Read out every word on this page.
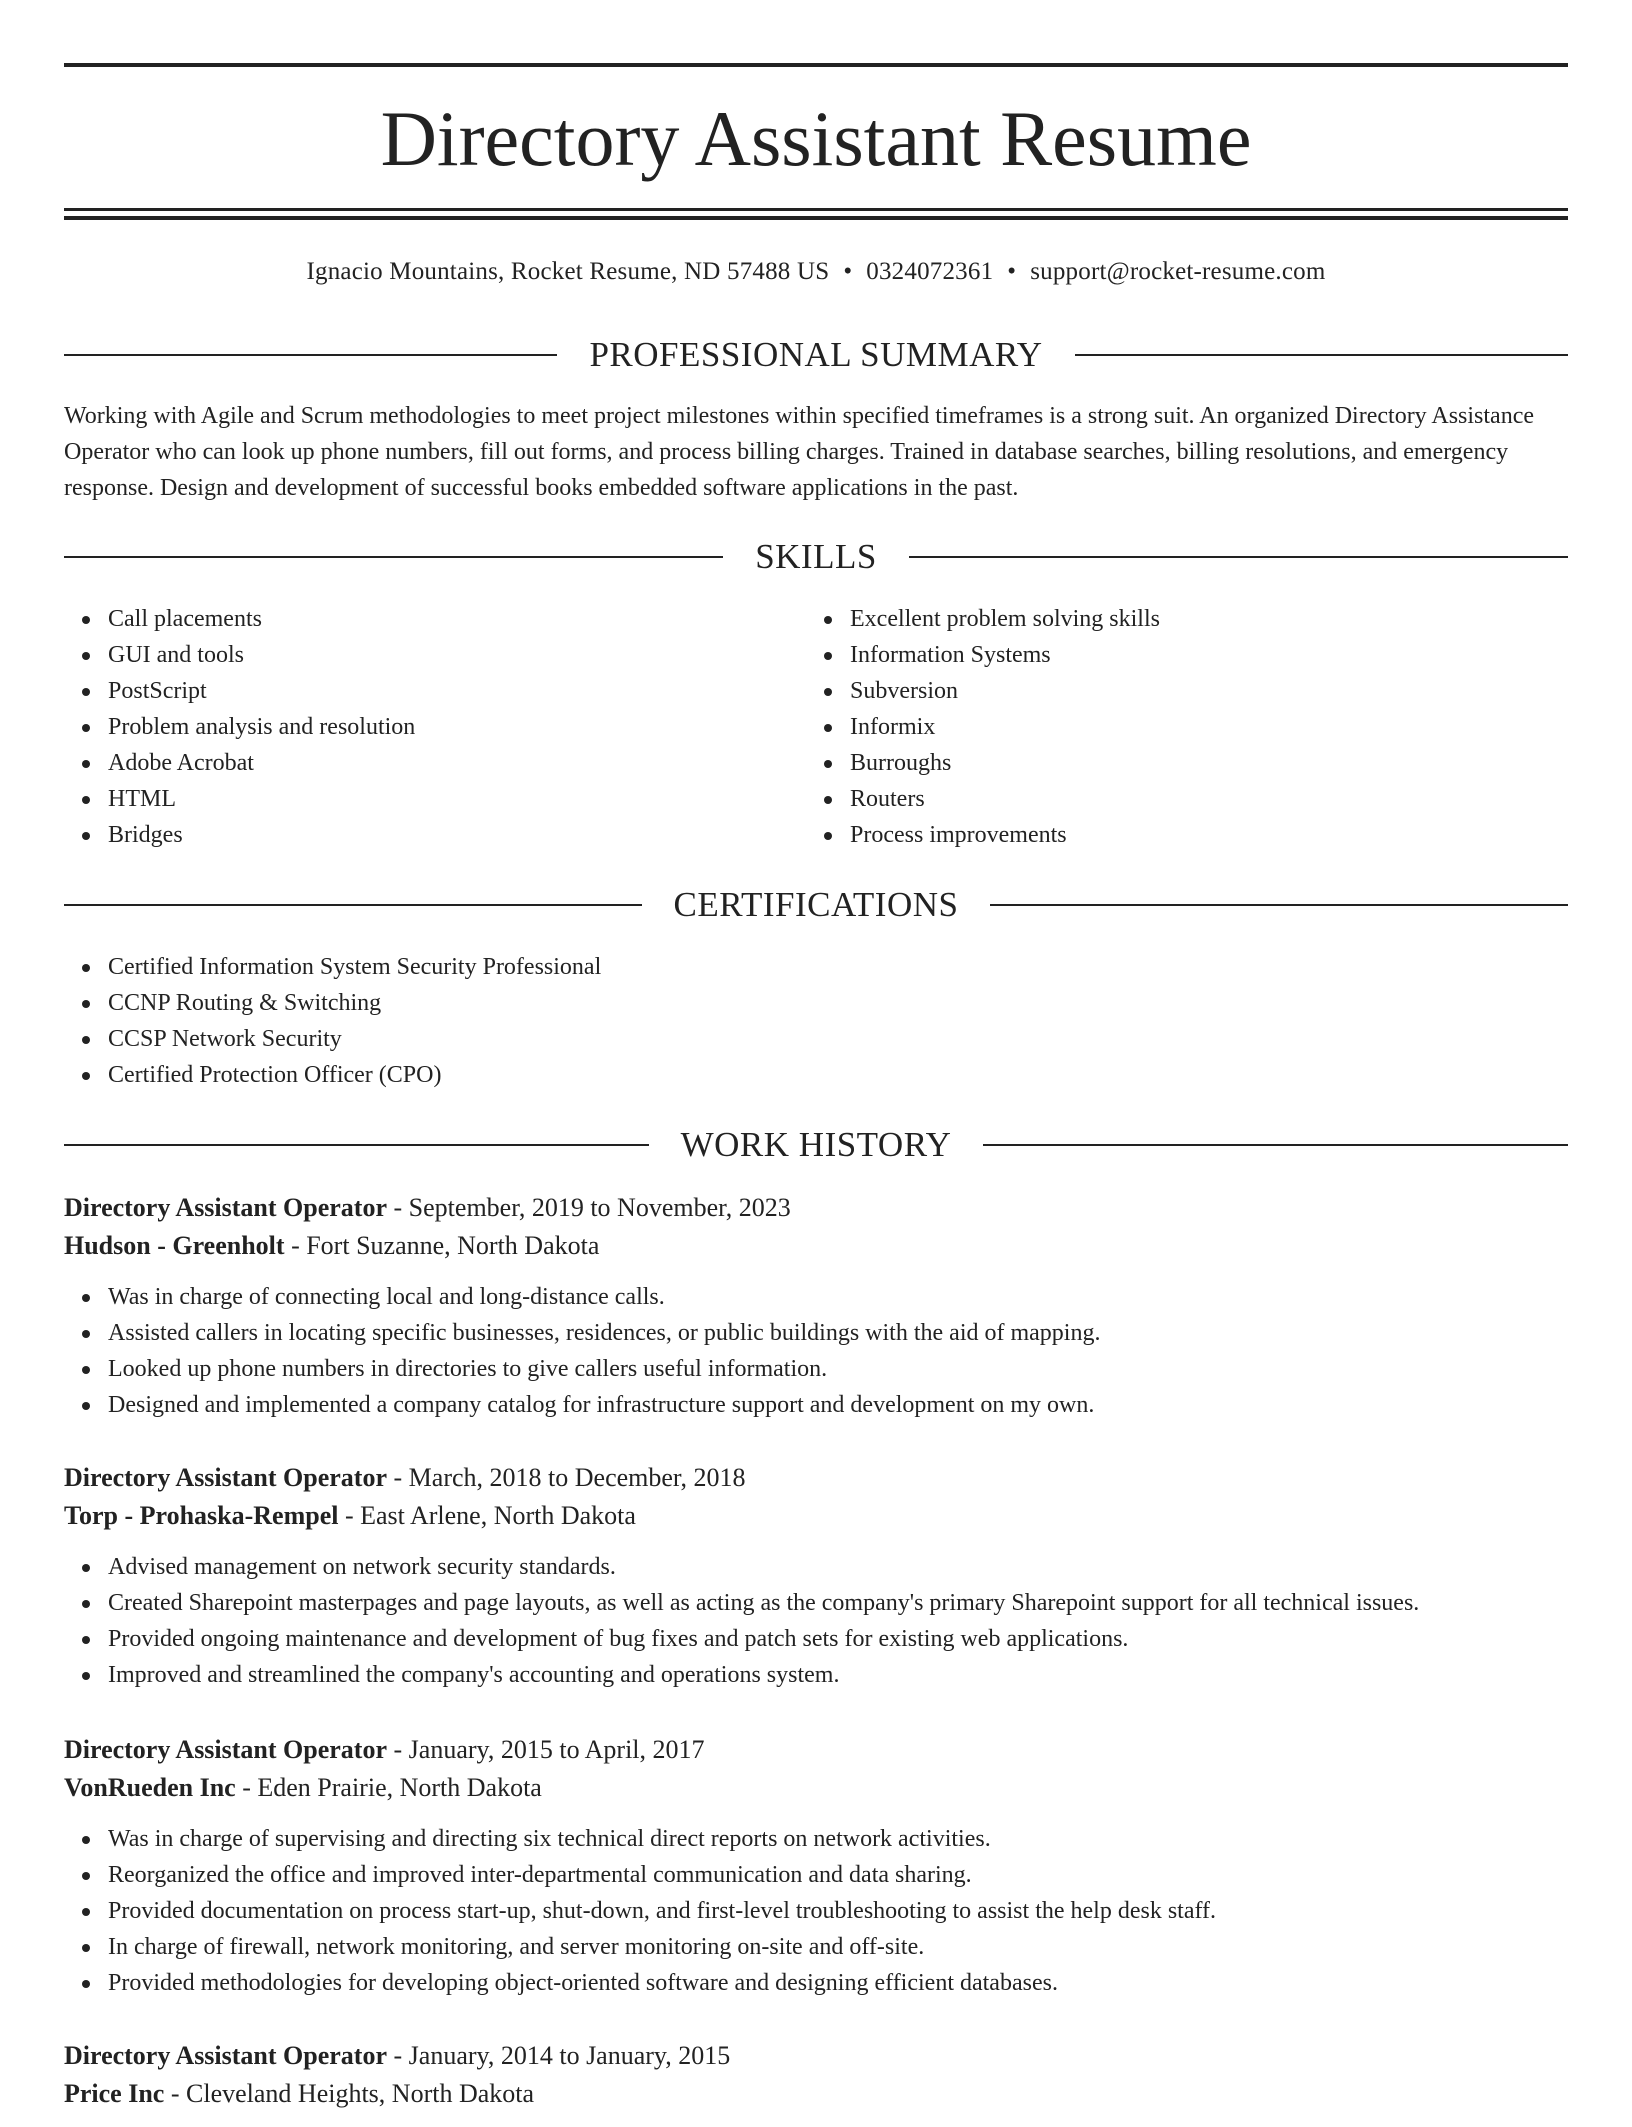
Directory Assistant Resume
Ignacio Mountains, Rocket Resume, ND 57488 US • 0324072361 • support@rocket-resume.com
PROFESSIONAL SUMMARY

Working with Agile and Scrum methodologies to meet project milestones within specified timeframes is a strong suit. An organized Directory Assistance Operator who can look up phone numbers, fill out forms, and process billing charges. Trained in database searches, billing resolutions, and emergency response. Design and development of successful books embedded software applications in the past.

SKILLS
Call placements
GUI and tools
PostScript
Problem analysis and resolution
Adobe Acrobat
HTML
Bridges
Excellent problem solving skills
Information Systems
Subversion
Informix
Burroughs
Routers
Process improvements
CERTIFICATIONS
Certified Information System Security Professional
CCNP Routing & Switching
CCSP Network Security
Certified Protection Officer (CPO)
WORK HISTORY
Directory Assistant Operator - September, 2019 to November, 2023
Hudson - Greenholt - Fort Suzanne, North Dakota
Was in charge of connecting local and long-distance calls.
Assisted callers in locating specific businesses, residences, or public buildings with the aid of mapping.
Looked up phone numbers in directories to give callers useful information.
Designed and implemented a company catalog for infrastructure support and development on my own.
Directory Assistant Operator - March, 2018 to December, 2018
Torp - Prohaska-Rempel - East Arlene, North Dakota
Advised management on network security standards.
Created Sharepoint masterpages and page layouts, as well as acting as the company's primary Sharepoint support for all technical issues.
Provided ongoing maintenance and development of bug fixes and patch sets for existing web applications.
Improved and streamlined the company's accounting and operations system.
Directory Assistant Operator - January, 2015 to April, 2017
VonRueden Inc - Eden Prairie, North Dakota
Was in charge of supervising and directing six technical direct reports on network activities.
Reorganized the office and improved inter-departmental communication and data sharing.
Provided documentation on process start-up, shut-down, and first-level troubleshooting to assist the help desk staff.
In charge of firewall, network monitoring, and server monitoring on-site and off-site.
Provided methodologies for developing object-oriented software and designing efficient databases.
Directory Assistant Operator - January, 2014 to January, 2015
Price Inc - Cleveland Heights, North Dakota
